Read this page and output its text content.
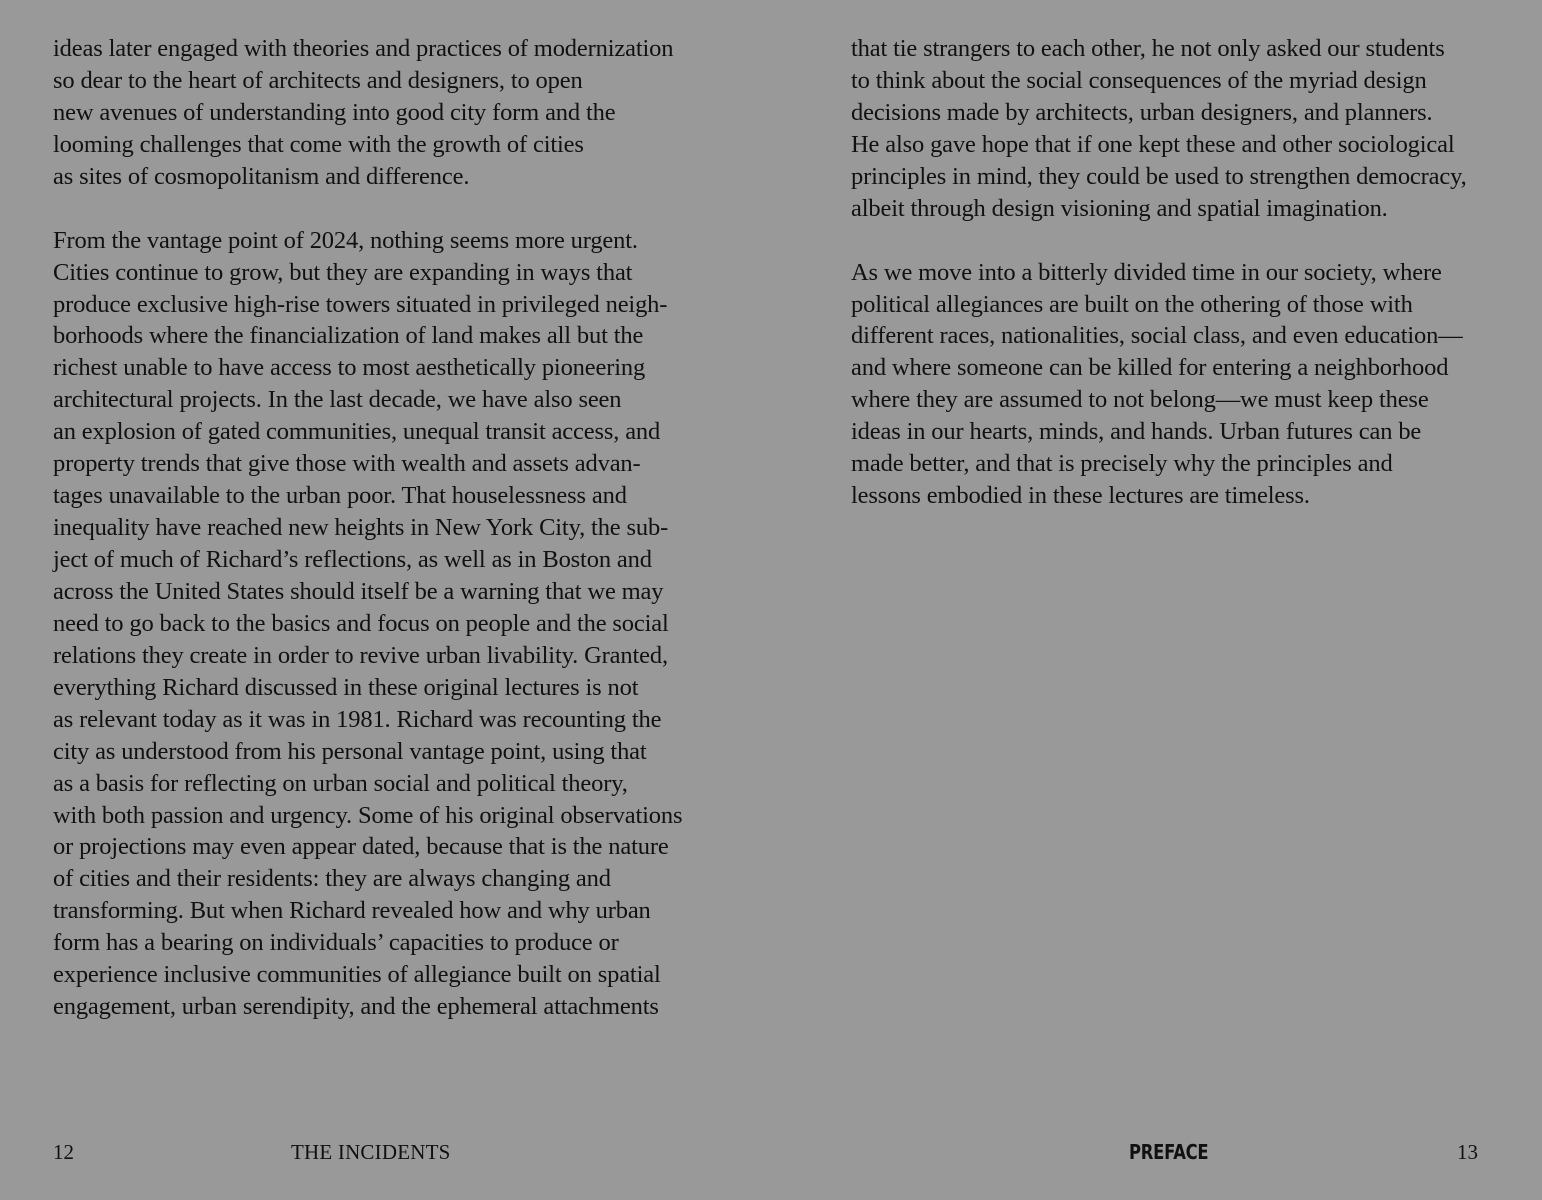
ideas later engaged with theories and practices of modernization
so dear to the heart of architects and designers, to open
new avenues of understanding into good city form and the
looming challenges that come with the growth of cities
as sites of cosmopolitanism and difference.
From the vantage point of 2024, nothing seems more urgent.
Cities continue to grow, but they are expanding in ways that
produce exclusive high-rise towers situated in privileged neigh-
borhoods where the financialization of land makes all but the
richest unable to have access to most aesthetically pioneering
architectural projects. In the last decade, we have also seen
an explosion of gated communities, unequal transit access, and
property trends that give those with wealth and assets advan-
tages unavailable to the urban poor. That houselessness and
inequality have reached new heights in New York City, the sub-
ject of much of Richard’s reflections, as well as in Boston and
across the United States should itself be a warning that we may
need to go back to the basics and focus on people and the social
relations they create in order to revive urban livability. Granted,
everything Richard discussed in these original lectures is not
as relevant today as it was in 1981. Richard was recounting the
city as understood from his personal vantage point, using that
as a basis for reflecting on urban social and political theory,
with both passion and urgency. Some of his original observations
or projections may even appear dated, because that is the nature
of cities and their residents: they are always changing and
transforming. But when Richard revealed how and why urban
form has a bearing on individuals’ capacities to produce or
experience inclusive communities of allegiance built on spatial
engagement, urban serendipity, and the ephemeral attachments
12	THE INCIDENTS
that tie strangers to each other, he not only asked our students
to think about the social consequences of the myriad design
decisions made by architects, urban designers, and planners.
He also gave hope that if one kept these and other sociological
principles in mind, they could be used to strengthen democracy,
albeit through design visioning and spatial imagination.
As we move into a bitterly divided time in our society, where
political allegiances are built on the othering of those with
different races, nationalities, social class, and even education—
and where someone can be killed for entering a neighborhood
where they are assumed to not belong—we must keep these
ideas in our hearts, minds, and hands. Urban futures can be
made better, and that is precisely why the principles and
lessons embodied in these lectures are timeless.
PREFACE	13
